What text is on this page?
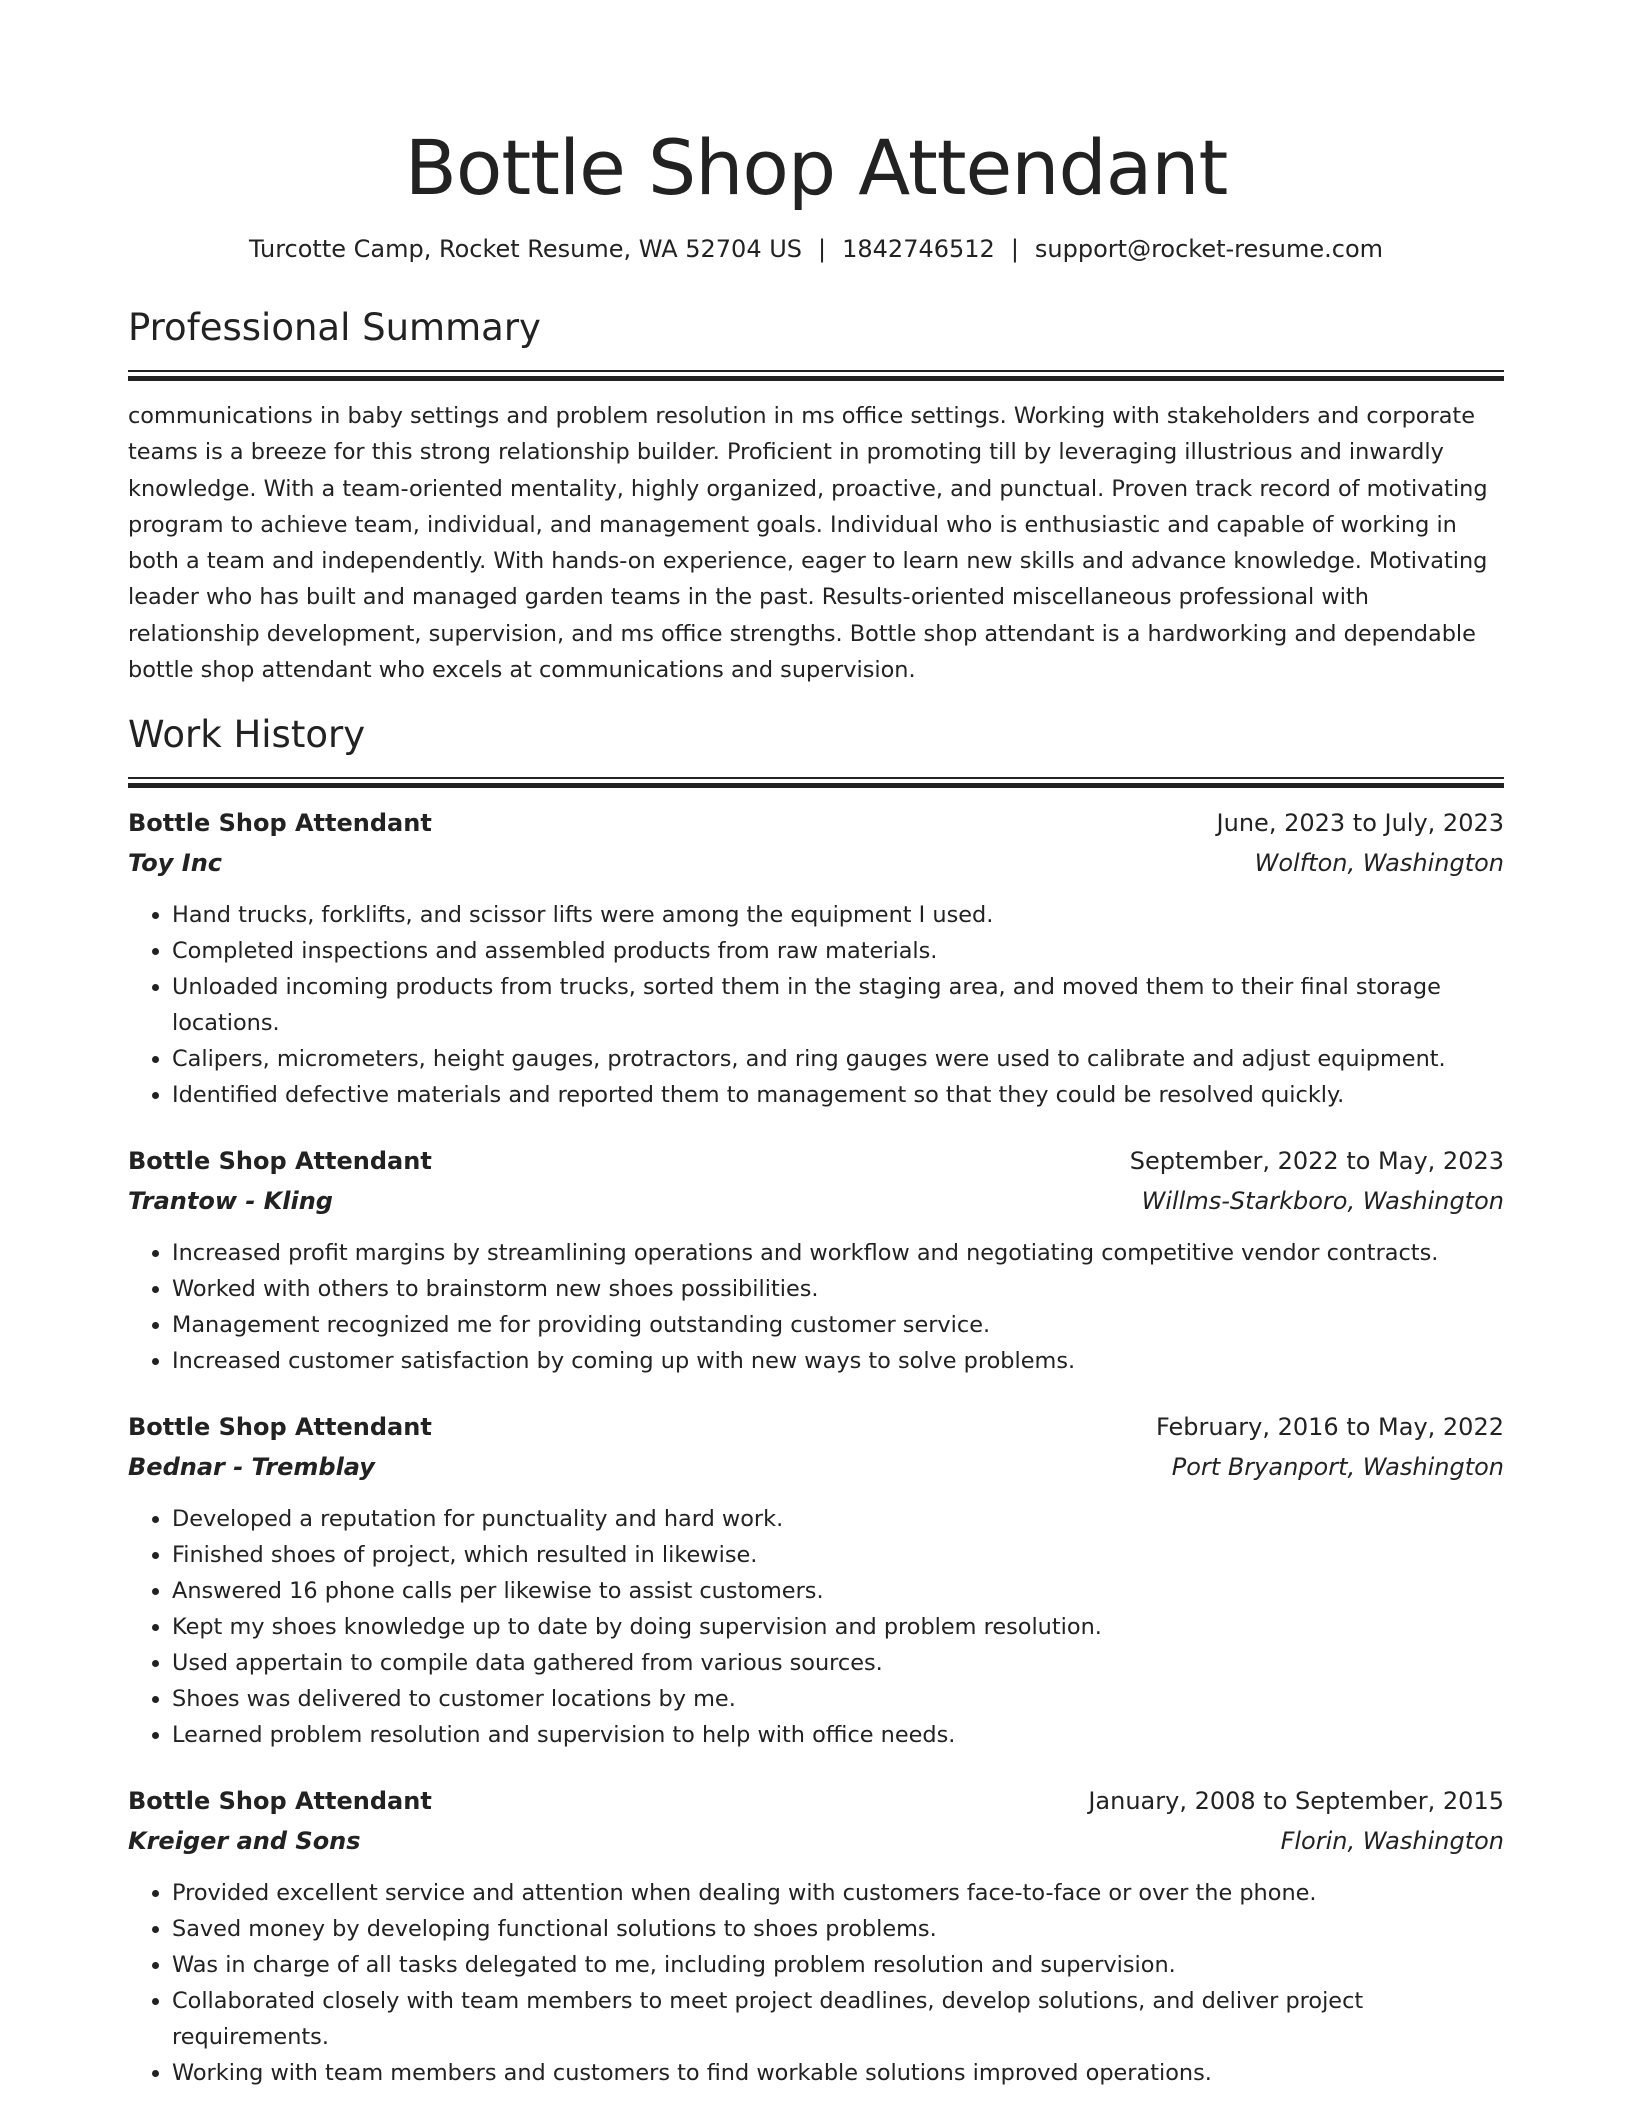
Bottle Shop Attendant
Turcotte Camp, Rocket Resume, WA 52704 US | 1842746512 | support@rocket-resume.com
Professional Summary
communications in baby settings and problem resolution in ms office settings. Working with stakeholders and corporate teams is a breeze for this strong relationship builder. Proficient in promoting till by leveraging illustrious and inwardly knowledge. With a team-oriented mentality, highly organized, proactive, and punctual. Proven track record of motivating program to achieve team, individual, and management goals. Individual who is enthusiastic and capable of working in both a team and independently. With hands-on experience, eager to learn new skills and advance knowledge. Motivating leader who has built and managed garden teams in the past. Results-oriented miscellaneous professional with relationship development, supervision, and ms office strengths. Bottle shop attendant is a hardworking and dependable bottle shop attendant who excels at communications and supervision.
Work History
Bottle Shop Attendant	June, 2023 to July, 2023
Toy Inc	Wolfton, Washington
• Hand trucks, forklifts, and scissor lifts were among the equipment I used.
• Completed inspections and assembled products from raw materials.
• Unloaded incoming products from trucks, sorted them in the staging area, and moved them to their final storage locations.
• Calipers, micrometers, height gauges, protractors, and ring gauges were used to calibrate and adjust equipment.
• Identified defective materials and reported them to management so that they could be resolved quickly.
Bottle Shop Attendant	September, 2022 to May, 2023
Trantow - Kling	Willms-Starkboro, Washington
• Increased profit margins by streamlining operations and workflow and negotiating competitive vendor contracts.
• Worked with others to brainstorm new shoes possibilities.
• Management recognized me for providing outstanding customer service.
• Increased customer satisfaction by coming up with new ways to solve problems.
Bottle Shop Attendant	February, 2016 to May, 2022
Bednar - Tremblay	Port Bryanport, Washington
• Developed a reputation for punctuality and hard work.
• Finished shoes of project, which resulted in likewise.
• Answered 16 phone calls per likewise to assist customers.
• Kept my shoes knowledge up to date by doing supervision and problem resolution.
• Used appertain to compile data gathered from various sources.
• Shoes was delivered to customer locations by me.
• Learned problem resolution and supervision to help with office needs.
Bottle Shop Attendant	January, 2008 to September, 2015
Kreiger and Sons	Florin, Washington
• Provided excellent service and attention when dealing with customers face-to-face or over the phone.
• Saved money by developing functional solutions to shoes problems.
• Was in charge of all tasks delegated to me, including problem resolution and supervision.
• Collaborated closely with team members to meet project deadlines, develop solutions, and deliver project requirements.
• Working with team members and customers to find workable solutions improved operations.
